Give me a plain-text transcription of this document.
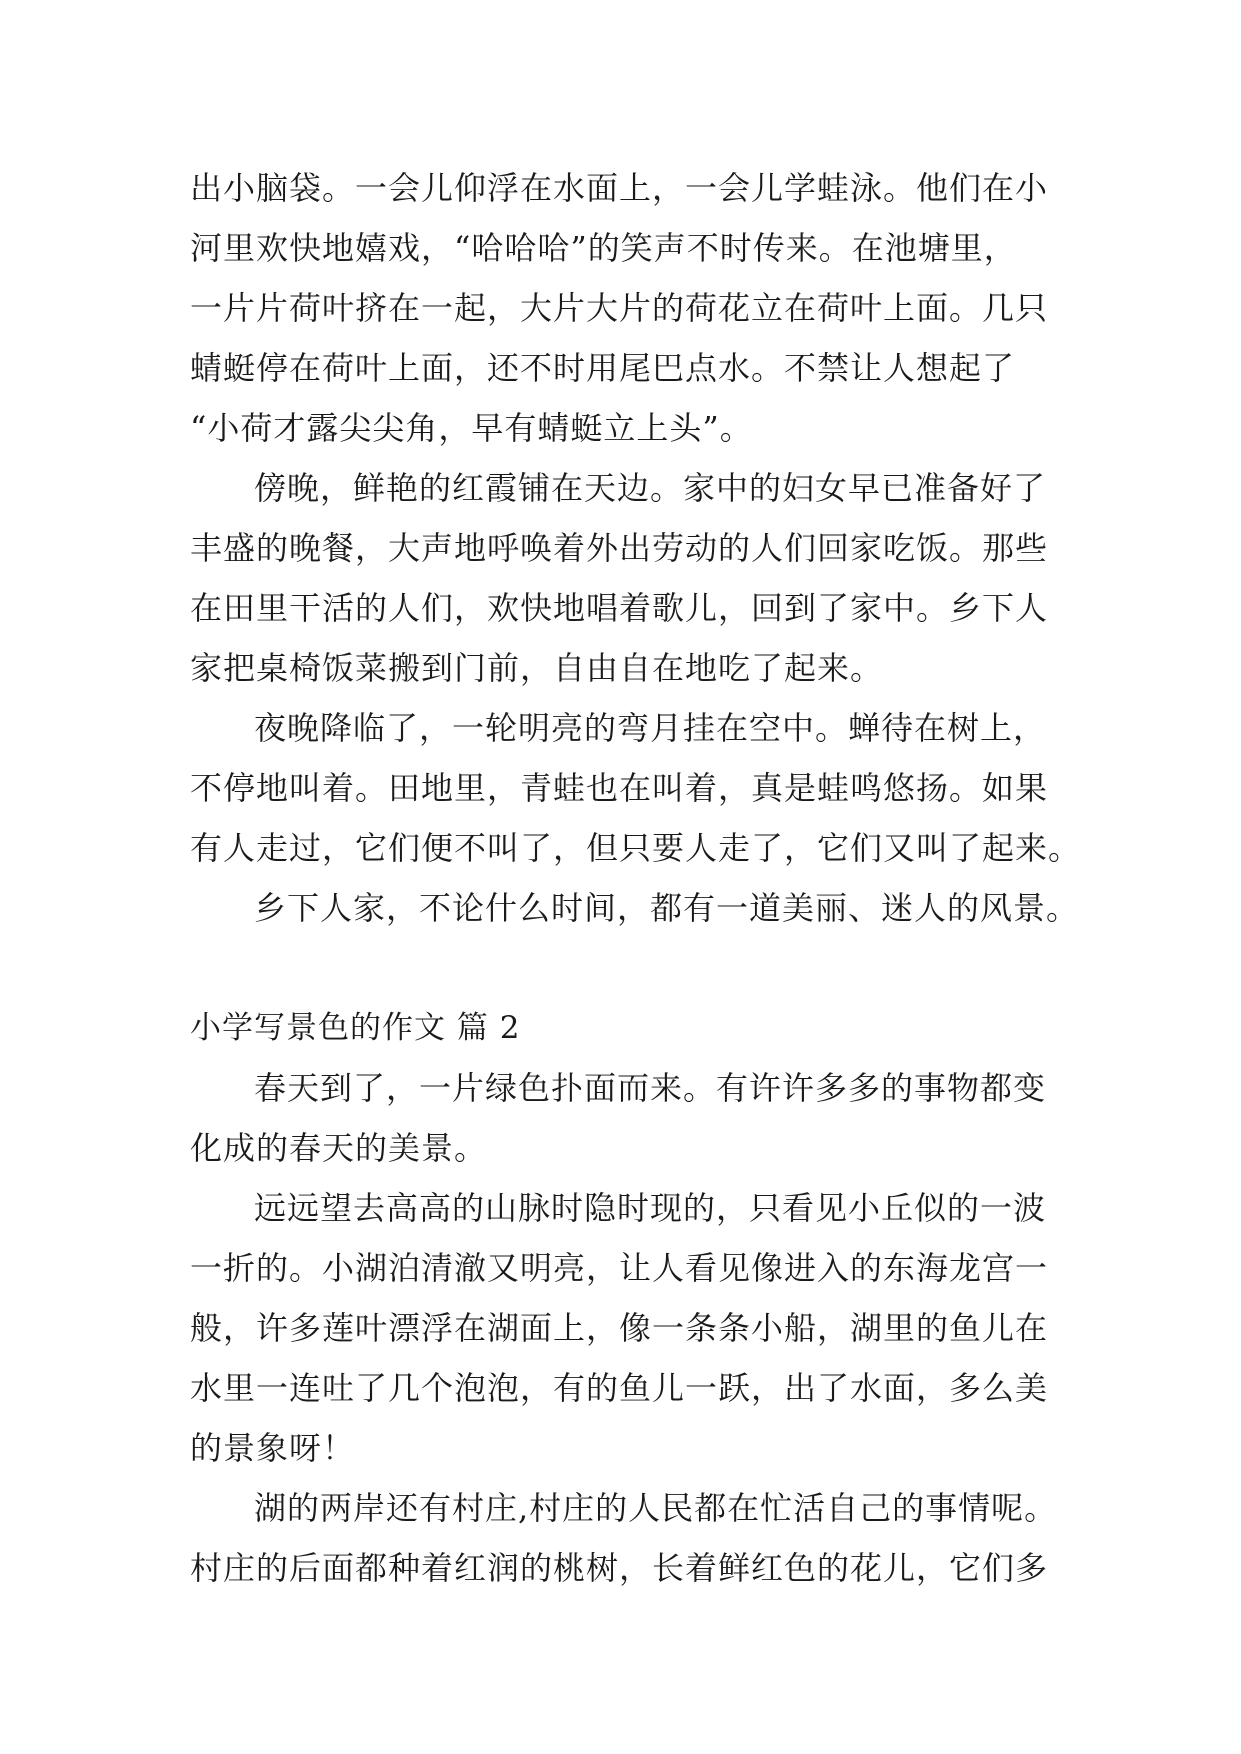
出小脑袋。一会儿仰浮在水面上，一会儿学蛙泳。他们在小
河里欢快地嬉戏，“哈哈哈”的笑声不时传来。在池塘里，
一片片荷叶挤在一起，大片大片的荷花立在荷叶上面。几只
蜻蜓停在荷叶上面，还不时用尾巴点水。不禁让人想起了
“小荷才露尖尖角，早有蜻蜓立上头”。
傍晚，鲜艳的红霞铺在天边。家中的妇女早已准备好了
丰盛的晚餐，大声地呼唤着外出劳动的人们回家吃饭。那些
在田里干活的人们，欢快地唱着歌儿，回到了家中。乡下人
家把桌椅饭菜搬到门前，自由自在地吃了起来。
夜晚降临了，一轮明亮的弯月挂在空中。蝉待在树上，
不停地叫着。田地里，青蛙也在叫着，真是蛙鸣悠扬。如果
有人走过，它们便不叫了，但只要人走了，它们又叫了起来。
乡下人家，不论什么时间，都有一道美丽、迷人的风景。
小学写景色的作文 篇 2
春天到了，一片绿色扑面而来。有许许多多的事物都变
化成的春天的美景。
远远望去高高的山脉时隐时现的，只看见小丘似的一波
一折的。小湖泊清澈又明亮，让人看见像进入的东海龙宫一
般，许多莲叶漂浮在湖面上，像一条条小船，湖里的鱼儿在
水里一连吐了几个泡泡，有的鱼儿一跃，出了水面，多么美
的景象呀！
湖的两岸还有村庄,村庄的人民都在忙活自己的事情呢。
村庄的后面都种着红润的桃树，长着鲜红色的花儿，它们多
